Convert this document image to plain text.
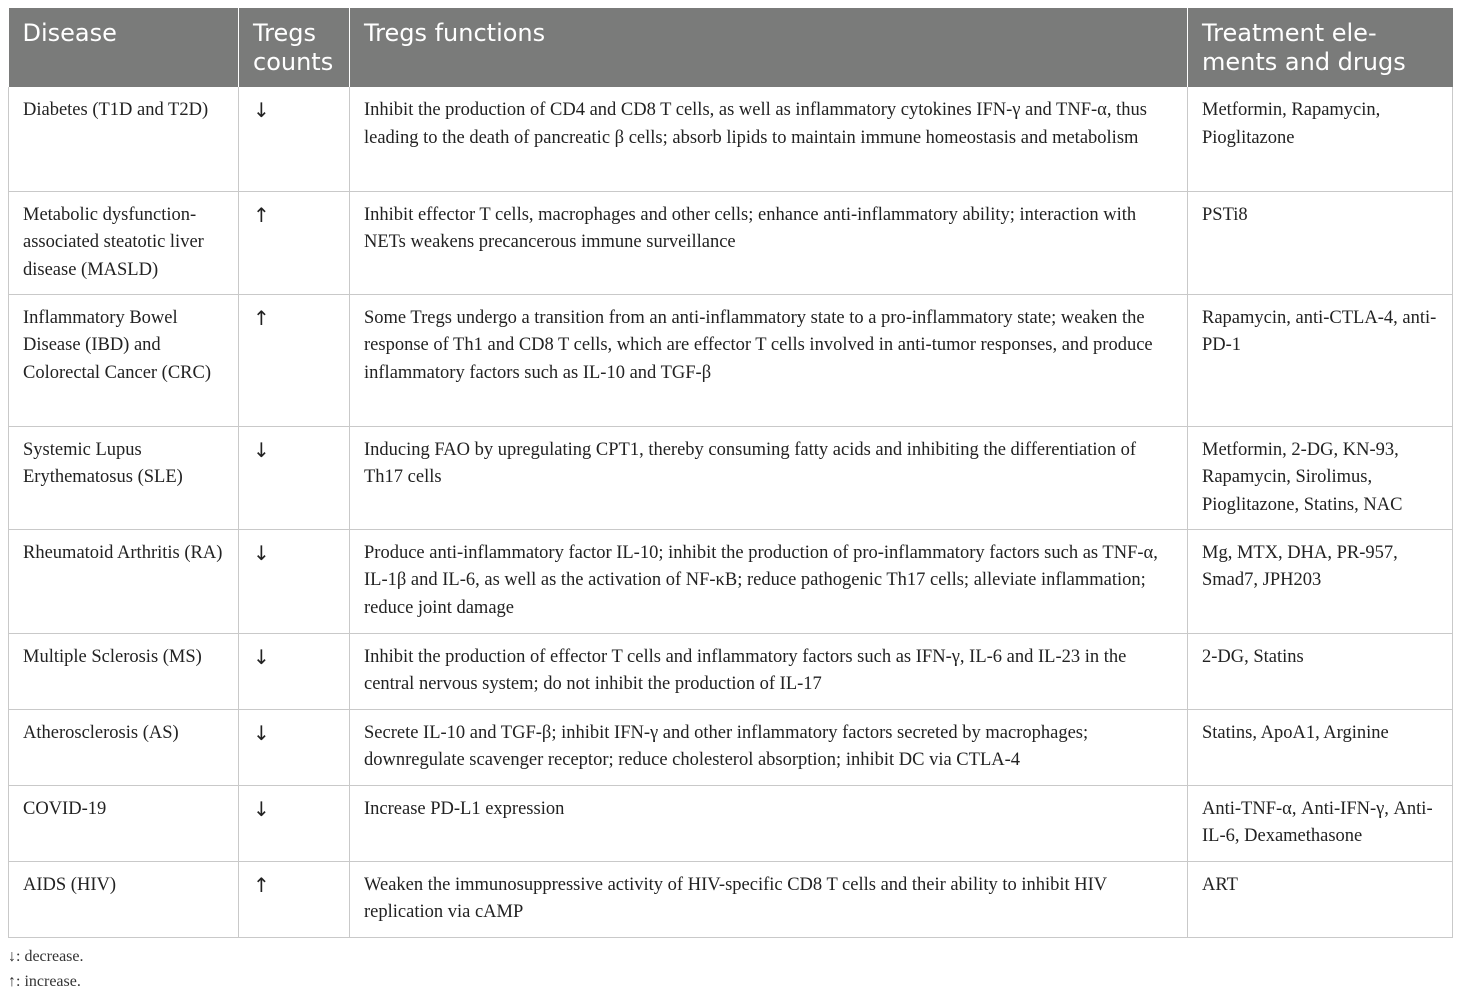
Disease	Tregs counts	Tregs functions	Treatment ele-ments and drugs
Diabetes (T1D and T2D)	↓	Inhibit the production of CD4 and CD8 T cells, as well as inflammatory cytokines IFN-γ and TNF-α, thus leading to the death of pancreatic β cells; absorb lipids to maintain immune homeostasis and metabolism	Metformin, Rapamycin, Pioglitazone
Metabolic dysfunction-associated steatotic liver disease (MASLD)	↑	Inhibit effector T cells, macrophages and other cells; enhance anti-inflammatory ability; interaction with NETs weakens precancerous immune surveillance	PSTi8
Inflammatory Bowel Disease (IBD) and Colorectal Cancer (CRC)	↑	Some Tregs undergo a transition from an anti-inflammatory state to a pro-inflammatory state; weaken the response of Th1 and CD8 T cells, which are effector T cells involved in anti-tumor responses, and produce inflammatory factors such as IL-10 and TGF-β	Rapamycin, anti-CTLA-4, anti-PD-1
Systemic Lupus Erythematosus (SLE)	↓	Inducing FAO by upregulating CPT1, thereby consuming fatty acids and inhibiting the differentiation of Th17 cells	Metformin, 2-DG, KN-93, Rapamycin, Sirolimus, Pioglitazone, Statins, NAC
Rheumatoid Arthritis (RA)	↓	Produce anti-inflammatory factor IL-10; inhibit the production of pro-inflammatory factors such as TNF-α, IL-1β and IL-6, as well as the activation of NF-κB; reduce pathogenic Th17 cells; alleviate inflammation; reduce joint damage	Mg, MTX, DHA, PR-957, Smad7, JPH203
Multiple Sclerosis (MS)	↓	Inhibit the production of effector T cells and inflammatory factors such as IFN-γ, IL-6 and IL-23 in the central nervous system; do not inhibit the production of IL-17	2-DG, Statins
Atherosclerosis (AS)	↓	Secrete IL-10 and TGF-β; inhibit IFN-γ and other inflammatory factors secreted by macrophages; downregulate scavenger receptor; reduce cholesterol absorption; inhibit DC via CTLA-4	Statins, ApoA1, Arginine
COVID-19	↓	Increase PD-L1 expression	Anti-TNF-α, Anti-IFN-γ, Anti-IL-6, Dexamethasone
AIDS (HIV)	↑	Weaken the immunosuppressive activity of HIV-specific CD8 T cells and their ability to inhibit HIV replication via cAMP	ART
↓: decrease.
↑: increase.
